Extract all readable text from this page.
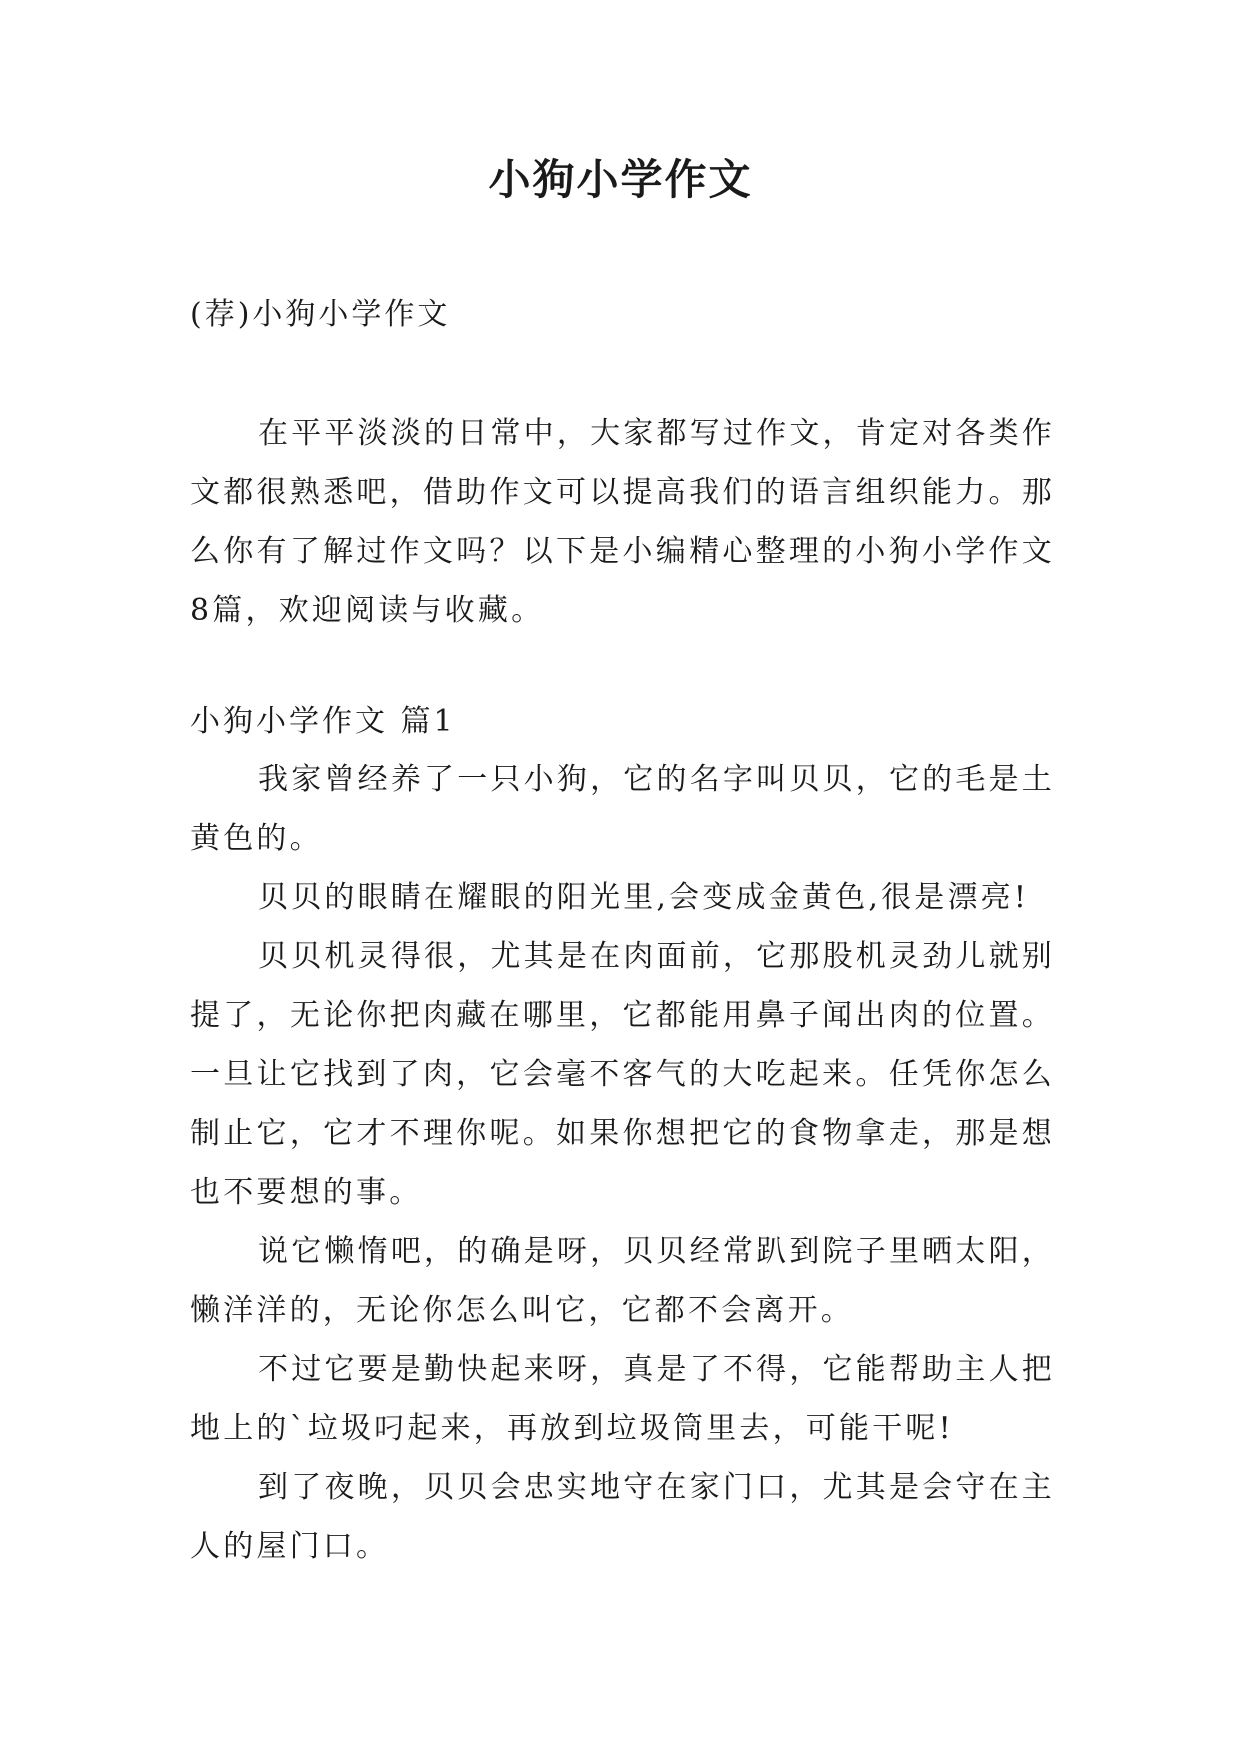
小狗小学作文

(荐)小狗小学作文

在平平淡淡的日常中，大家都写过作文，肯定对各类作文都很熟悉吧，借助作文可以提高我们的语言组织能力。那么你有了解过作文吗？以下是小编精心整理的小狗小学作文8篇，欢迎阅读与收藏。

小狗小学作文 篇1

我家曾经养了一只小狗，它的名字叫贝贝，它的毛是土黄色的。

贝贝的眼睛在耀眼的阳光里,会变成金黄色,很是漂亮!

贝贝机灵得很，尤其是在肉面前，它那股机灵劲儿就别提了，无论你把肉藏在哪里，它都能用鼻子闻出肉的位置。一旦让它找到了肉，它会毫不客气的大吃起来。任凭你怎么制止它，它才不理你呢。如果你想把它的食物拿走，那是想也不要想的事。

说它懒惰吧，的确是呀，贝贝经常趴到院子里晒太阳，懒洋洋的，无论你怎么叫它，它都不会离开。

不过它要是勤快起来呀，真是了不得，它能帮助主人把地上的`垃圾叼起来，再放到垃圾筒里去，可能干呢!

到了夜晚，贝贝会忠实地守在家门口，尤其是会守在主人的屋门口。
